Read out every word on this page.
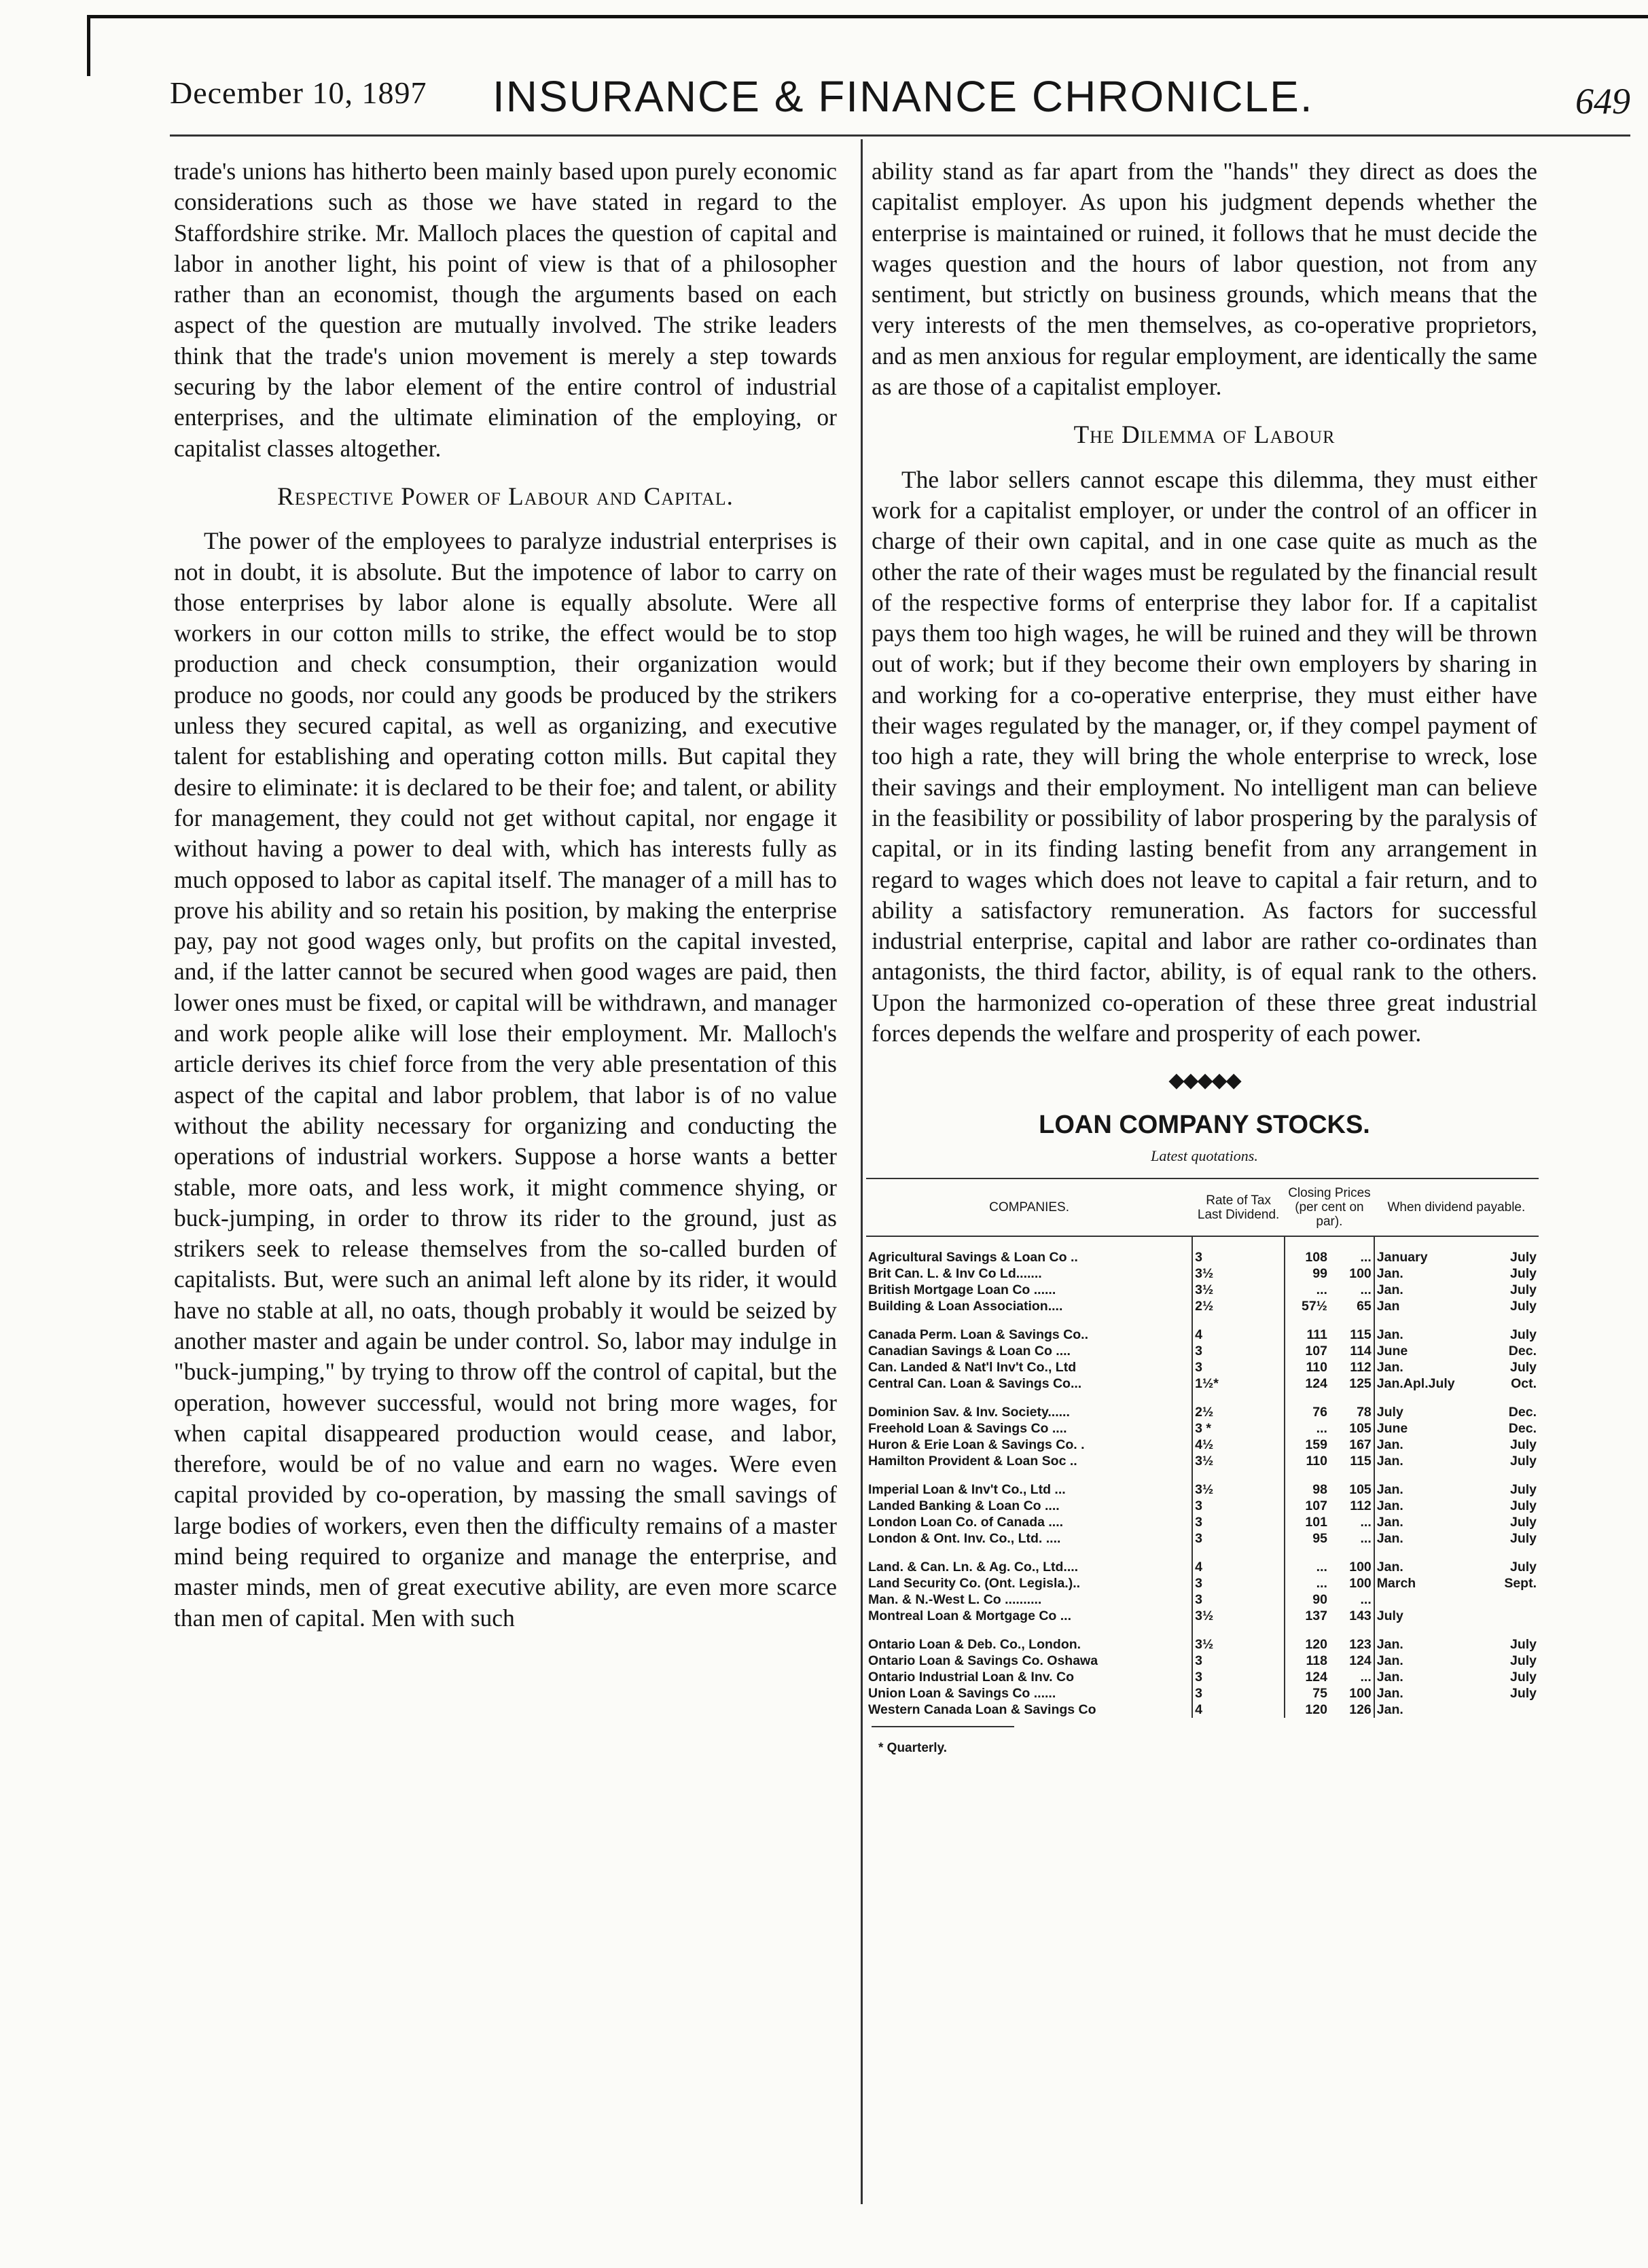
December 10, 1897 INSURANCE & FINANCE CHRONICLE.	649

trade's unions has hitherto been mainly based upon purely economic considerations such as those we have stated in regard to the Staffordshire strike. Mr. Malloch places the question of capital and labor in another light, his point of view is that of a philosopher rather than an economist, though the arguments based on each aspect of the question are mutually involved. The strike leaders think that the trade's union movement is merely a step towards securing by the labor element of the entire control of industrial enterprises, and the ultimate elimination of the employing, or capitalist classes altogether.

Respective Power of Labour and Capital.

The power of the employees to paralyze industrial enterprises is not in doubt, it is absolute. But the impotence of labor to carry on those enterprises by labor alone is equally absolute. Were all workers in our cotton mills to strike, the effect would be to stop production and check consumption, their organization would produce no goods, nor could any goods be produced by the strikers unless they secured capital, as well as organizing, and executive talent for establishing and operating cotton mills. But capital they desire to eliminate: it is declared to be their foe; and talent, or ability for management, they could not get without capital, nor engage it without having a power to deal with, which has interests fully as much opposed to labor as capital itself. The manager of a mill has to prove his ability and so retain his position, by making the enterprise pay, pay not good wages only, but profits on the capital invested, and, if the latter cannot be secured when good wages are paid, then lower ones must be fixed, or capital will be withdrawn, and manager and work people alike will lose their employment. Mr. Malloch's article derives its chief force from the very able presentation of this aspect of the capital and labor problem, that labor is of no value without the ability necessary for organizing and conducting the operations of industrial workers. Suppose a horse wants a better stable, more oats, and less work, it might commence shying, or buck-jumping, in order to throw its rider to the ground, just as strikers seek to release themselves from the so-called burden of capitalists. But, were such an animal left alone by its rider, it would have no stable at all, no oats, though probably it would be seized by another master and again be under control. So, labor may indulge in "buck-jumping," by trying to throw off the control of capital, but the operation, however successful, would not bring more wages, for when capital disappeared production would cease, and labor, therefore, would be of no value and earn no wages. Were even capital provided by co-operation, by massing the small savings of large bodies of workers, even then the difficulty remains of a master mind being required to organize and manage the enterprise, and master minds, men of great executive ability, are even more scarce than men of capital. Men with such

ability stand as far apart from the "hands" they direct as does the capitalist employer. As upon his judgment depends whether the enterprise is maintained or ruined, it follows that he must decide the wages question and the hours of labor question, not from any sentiment, but strictly on business grounds, which means that the very interests of the men themselves, as co-operative proprietors, and as men anxious for regular employment, are identically the same as are those of a capitalist employer.

The Dilemma of Labour

The labor sellers cannot escape this dilemma, they must either work for a capitalist employer, or under the control of an officer in charge of their own capital, and in one case quite as much as the other the rate of their wages must be regulated by the financial result of the respective forms of enterprise they labor for. If a capitalist pays them too high wages, he will be ruined and they will be thrown out of work; but if they become their own employers by sharing in and working for a co-operative enterprise, they must either have their wages regulated by the manager, or, if they compel payment of too high a rate, they will bring the whole enterprise to wreck, lose their savings and their employment. No intelligent man can believe in the feasibility or possibility of labor prospering by the paralysis of capital, or in its finding lasting benefit from any arrangement in regard to wages which does not leave to capital a fair return, and to ability a satisfactory remuneration. As factors for successful industrial enterprise, capital and labor are rather co-ordinates than antagonists, the third factor, ability, is of equal rank to the others. Upon the harmonized co-operation of these three great industrial forces depends the welfare and prosperity of each power.

◆◆◆◆◆
LOAN COMPANY STOCKS.
Latest quotations.
COMPANIES.	Rate of Tax Last Dividend.	Closing Prices (per cent on par).		When dividend payable.	

Agricultural Savings & Loan Co ..	3	108	...	January	July
Brit Can. L. & Inv Co Ld.......	3½	99	100	Jan.	July
British Mortgage Loan Co ......	3½	...	...	Jan.	July
Building & Loan Association....	2½	57½	65	Jan	July

Canada Perm. Loan & Savings Co..	4	111	115	Jan.	July
Canadian Savings & Loan Co ....	3	107	114	June	Dec.
Can. Landed & Nat'l Inv't Co., Ltd	3	110	112	Jan.	July
Central Can. Loan & Savings Co...	1½*	124	125	Jan.Apl.July	Oct.

Dominion Sav. & Inv. Society......	2½	76	78	July	Dec.
Freehold Loan & Savings Co ....	3 *	...	105	June	Dec.
Huron & Erie Loan & Savings Co. .	4½	159	167	Jan.	July
Hamilton Provident & Loan Soc ..	3½	110	115	Jan.	July

Imperial Loan & Inv't Co., Ltd ...	3½	98	105	Jan.	July
Landed Banking & Loan Co ....	3	107	112	Jan.	July
London Loan Co. of Canada ....	3	101	...	Jan.	July
London & Ont. Inv. Co., Ltd. ....	3	95	...	Jan.	July

Land. & Can. Ln. & Ag. Co., Ltd....	4	...	100	Jan.	July
Land Security Co. (Ont. Legisla.)..	3	...	100	March	Sept.
Man. & N.-West L. Co ..........	3	90	...		
Montreal Loan & Mortgage Co ...	3½	137	143	July	

Ontario Loan & Deb. Co., London.	3½	120	123	Jan.	July
Ontario Loan & Savings Co. Oshawa	3	118	124	Jan.	July
Ontario Industrial Loan & Inv. Co	3	124	...	Jan.	July
Union Loan & Savings Co ......	3	75	100	Jan.	July
Western Canada Loan & Savings Co	4	120	126	Jan.	
* Quarterly.
